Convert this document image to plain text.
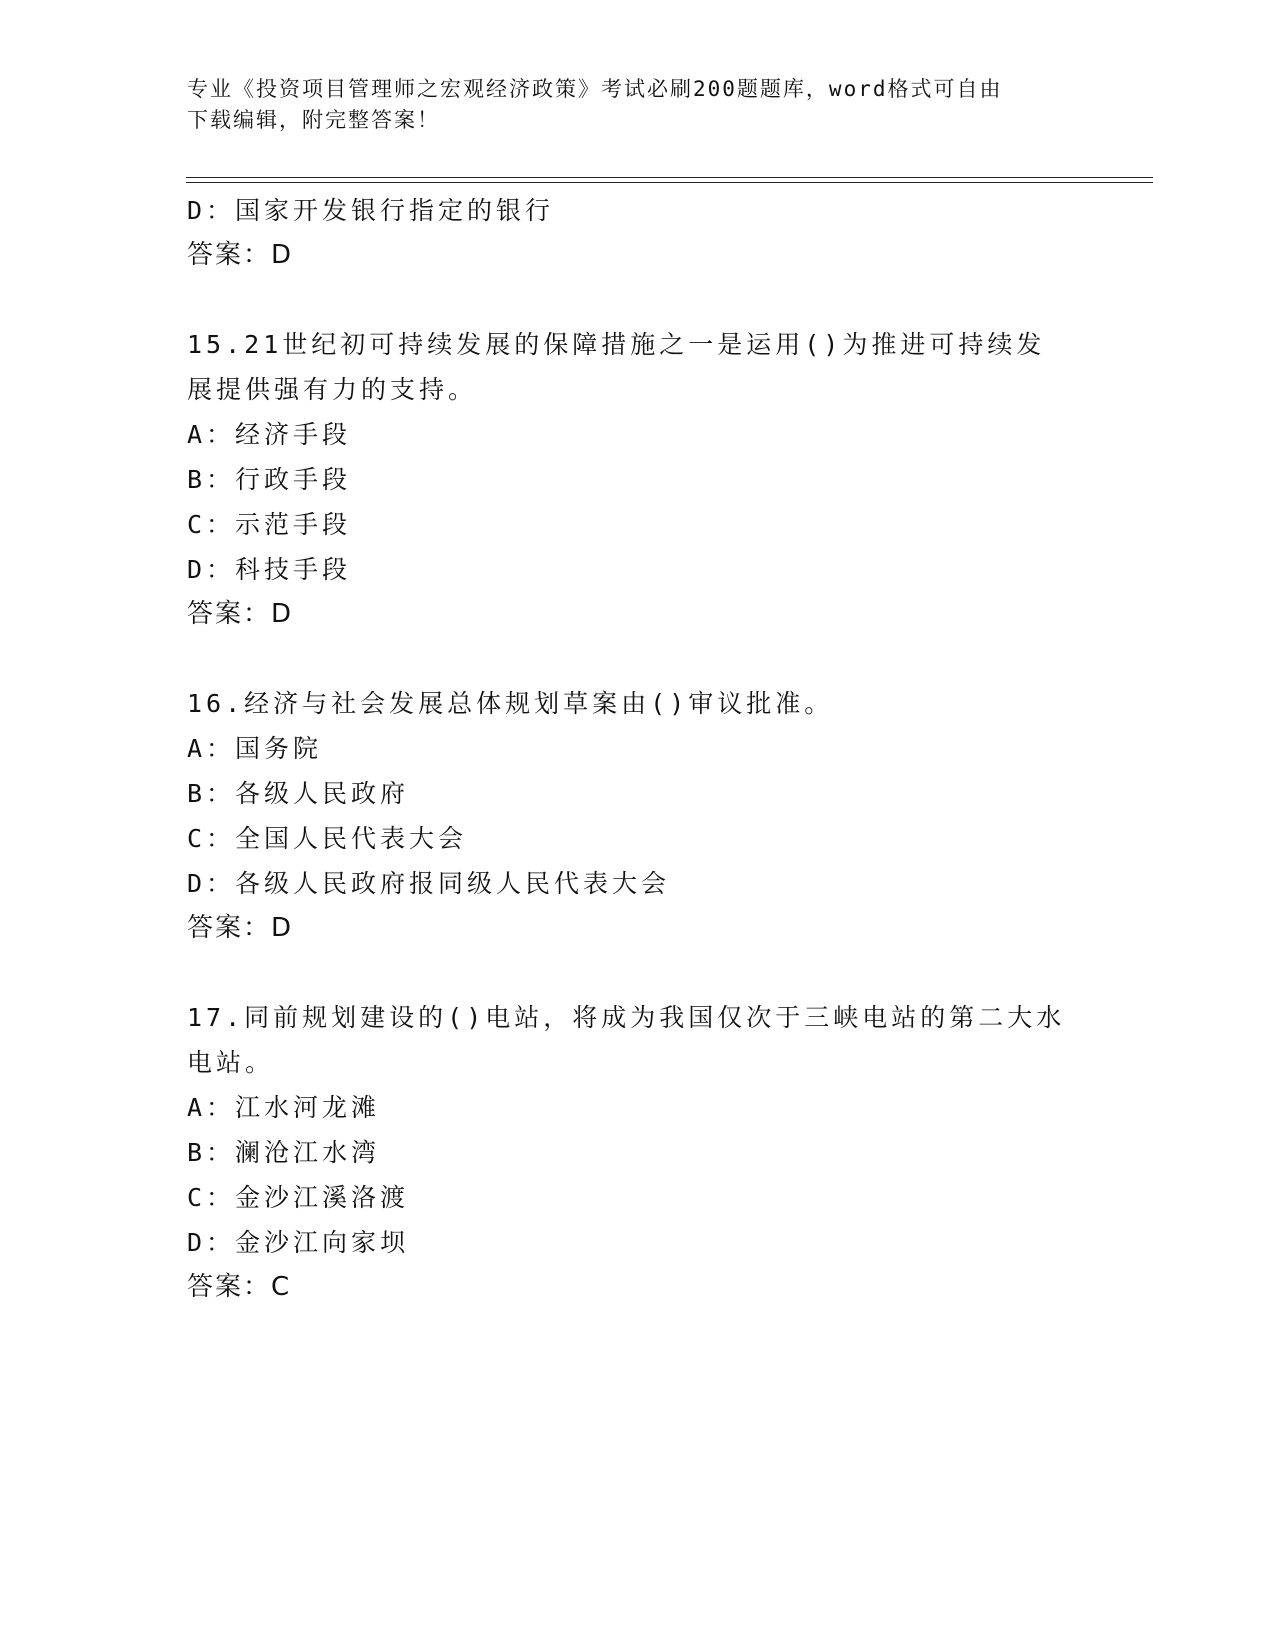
专业《投资项目管理师之宏观经济政策》考试必刷200题题库，word格式可自由
下载编辑，附完整答案！
D：国家开发银行指定的银行
答案：D
15.21世纪初可持续发展的保障措施之一是运用()为推进可持续发展提供强有力的支持。
A：经济手段
B：行政手段
C：示范手段
D：科技手段
答案：D
16.经济与社会发展总体规划草案由()审议批准。
A：国务院
B：各级人民政府
C：全国人民代表大会
D：各级人民政府报同级人民代表大会
答案：D
17.同前规划建设的()电站，将成为我国仅次于三峡电站的第二大水电站。
A：江水河龙滩
B：澜沧江水湾
C：金沙江溪洛渡
D：金沙江向家坝
答案：C
